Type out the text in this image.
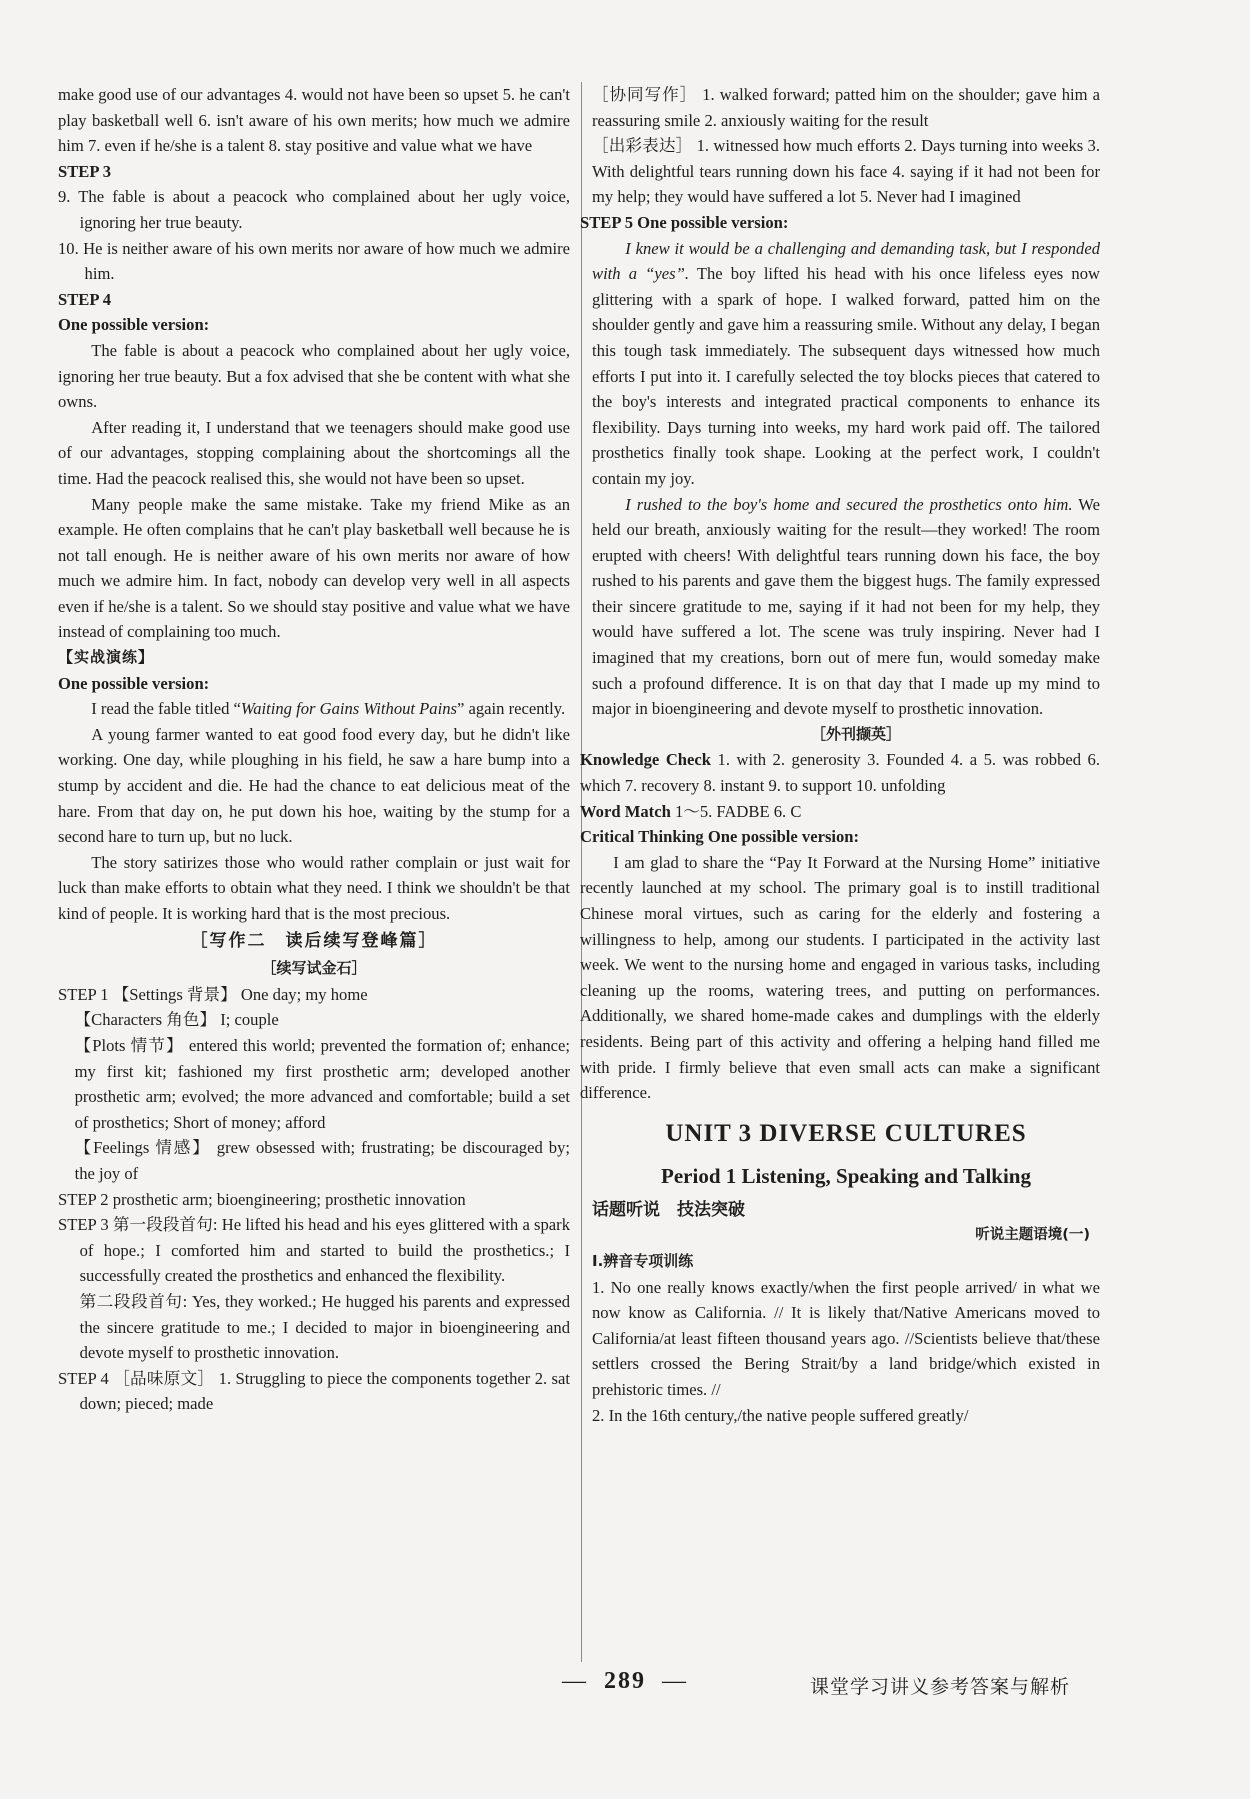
make good use of our advantages 4. would not have been so upset 5. he can't play basketball well 6. isn't aware of his own merits; how much we admire him 7. even if he/she is a talent 8. stay positive and value what we have

STEP 3

9. The fable is about a peacock who complained about her ugly voice, ignoring her true beauty.

10. He is neither aware of his own merits nor aware of how much we admire him.

STEP 4

One possible version:

The fable is about a peacock who complained about her ugly voice, ignoring her true beauty. But a fox advised that she be content with what she owns.

After reading it, I understand that we teenagers should make good use of our advantages, stopping complaining about the shortcomings all the time. Had the peacock realised this, she would not have been so upset.

Many people make the same mistake. Take my friend Mike as an example. He often complains that he can't play basketball well because he is not tall enough. He is neither aware of his own merits nor aware of how much we admire him. In fact, nobody can develop very well in all aspects even if he/she is a talent. So we should stay positive and value what we have instead of complaining too much.

【实战演练】

One possible version:

I read the fable titled “Waiting for Gains Without Pains” again recently.

A young farmer wanted to eat good food every day, but he didn't like working. One day, while ploughing in his field, he saw a hare bump into a stump by accident and die. He had the chance to eat delicious meat of the hare. From that day on, he put down his hoe, waiting by the stump for a second hare to turn up, but no luck.

The story satirizes those who would rather complain or just wait for luck than make efforts to obtain what they need. I think we shouldn't be that kind of people. It is working hard that is the most precious.

［写作二　读后续写登峰篇］

［续写试金石］

STEP 1 【Settings 背景】 One day; my home

【Characters 角色】 I; couple

【Plots 情节】 entered this world; prevented the formation of; enhance; my first kit; fashioned my first prosthetic arm; developed another prosthetic arm; evolved; the more advanced and comfortable; build a set of prosthetics; Short of money; afford

【Feelings 情感】 grew obsessed with; frustrating; be discouraged by; the joy of

STEP 2 prosthetic arm; bioengineering; prosthetic innovation

STEP 3 第一段段首句: He lifted his head and his eyes glittered with a spark of hope.; I comforted him and started to build the prosthetics.; I successfully created the prosthetics and enhanced the flexibility.

第二段段首句: Yes, they worked.; He hugged his parents and expressed the sincere gratitude to me.; I decided to major in bioengineering and devote myself to prosthetic innovation.

STEP 4 ［品味原文］ 1. Struggling to piece the components together 2. sat down; pieced; made

［协同写作］ 1. walked forward; patted him on the shoulder; gave him a reassuring smile 2. anxiously waiting for the result

［出彩表达］ 1. witnessed how much efforts 2. Days turning into weeks 3. With delightful tears running down his face 4. saying if it had not been for my help; they would have suffered a lot 5. Never had I imagined

STEP 5 One possible version:

I knew it would be a challenging and demanding task, but I responded with a “yes”. The boy lifted his head with his once lifeless eyes now glittering with a spark of hope. I walked forward, patted him on the shoulder gently and gave him a reassuring smile. Without any delay, I began this tough task immediately. The subsequent days witnessed how much efforts I put into it. I carefully selected the toy blocks pieces that catered to the boy's interests and integrated practical components to enhance its flexibility. Days turning into weeks, my hard work paid off. The tailored prosthetics finally took shape. Looking at the perfect work, I couldn't contain my joy.

I rushed to the boy's home and secured the prosthetics onto him. We held our breath, anxiously waiting for the result—they worked! The room erupted with cheers! With delightful tears running down his face, the boy rushed to his parents and gave them the biggest hugs. The family expressed their sincere gratitude to me, saying if it had not been for my help, they would have suffered a lot. The scene was truly inspiring. Never had I imagined that my creations, born out of mere fun, would someday make such a profound difference. It is on that day that I made up my mind to major in bioengineering and devote myself to prosthetic innovation.

［外刊撷英］

Knowledge Check 1. with 2. generosity 3. Founded 4. a 5. was robbed 6. which 7. recovery 8. instant 9. to support 10. unfolding

Word Match 1～5. FADBE 6. C

Critical Thinking One possible version:

I am glad to share the “Pay It Forward at the Nursing Home” initiative recently launched at my school. The primary goal is to instill traditional Chinese moral virtues, such as caring for the elderly and fostering a willingness to help, among our students. I participated in the activity last week. We went to the nursing home and engaged in various tasks, including cleaning up the rooms, watering trees, and putting on performances. Additionally, we shared home-made cakes and dumplings with the elderly residents. Being part of this activity and offering a helping hand filled me with pride. I firmly believe that even small acts can make a significant difference.

UNIT 3 DIVERSE CULTURES

Period 1 Listening, Speaking and Talking

话题听说　技法突破

听说主题语境(一)

Ⅰ.辨音专项训练

1. No one really knows exactly/when the first people arrived/ in what we now know as California. // It is likely that/Native Americans moved to California/at least fifteen thousand years ago. //Scientists believe that/these settlers crossed the Bering Strait/by a land bridge/which existed in prehistoric times. //

2. In the 16th century,/the native people suffered greatly/

— 289 —	课堂学习讲义参考答案与解析
